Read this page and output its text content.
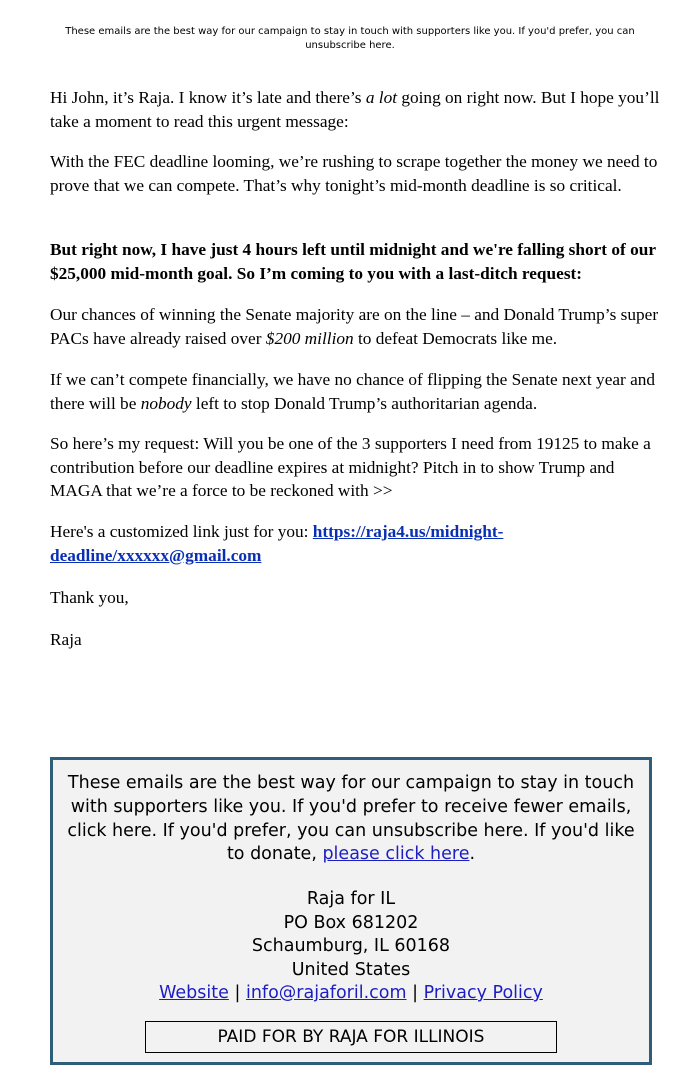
These emails are the best way for our campaign to stay in touch with supporters like you. If you'd prefer, you can unsubscribe here.

Hi John, it’s Raja. I know it’s late and there’s a lot going on right now. But I hope you’ll take a moment to read this urgent message:

With the FEC deadline looming, we’re rushing to scrape together the money we need to prove that we can compete. That’s why tonight’s mid-month deadline is so critical.

But right now, I have just 4 hours left until midnight and we're falling short of our $25,000 mid-month goal. So I’m coming to you with a last-ditch request:

Our chances of winning the Senate majority are on the line – and Donald Trump’s super PACs have already raised over $200 million to defeat Democrats like me.

If we can’t compete financially, we have no chance of flipping the Senate next year and there will be nobody left to stop Donald Trump’s authoritarian agenda.

So here’s my request: Will you be one of the 3 supporters I need from 19125 to make a contribution before our deadline expires at midnight? Pitch in to show Trump and MAGA that we’re a force to be reckoned with >>

Here's a customized link just for you: https://raja4.us/midnight-deadline/xxxxxx@gmail.com

Thank you,

Raja

These emails are the best way for our campaign to stay in touch with supporters like you. If you'd prefer to receive fewer emails, click here. If you'd prefer, you can unsubscribe here. If you'd like to donate, please click here.
Raja for IL
PO Box 681202
Schaumburg, IL 60168
United States
Website | info@rajaforil.com | Privacy Policy
PAID FOR BY RAJA FOR ILLINOIS
